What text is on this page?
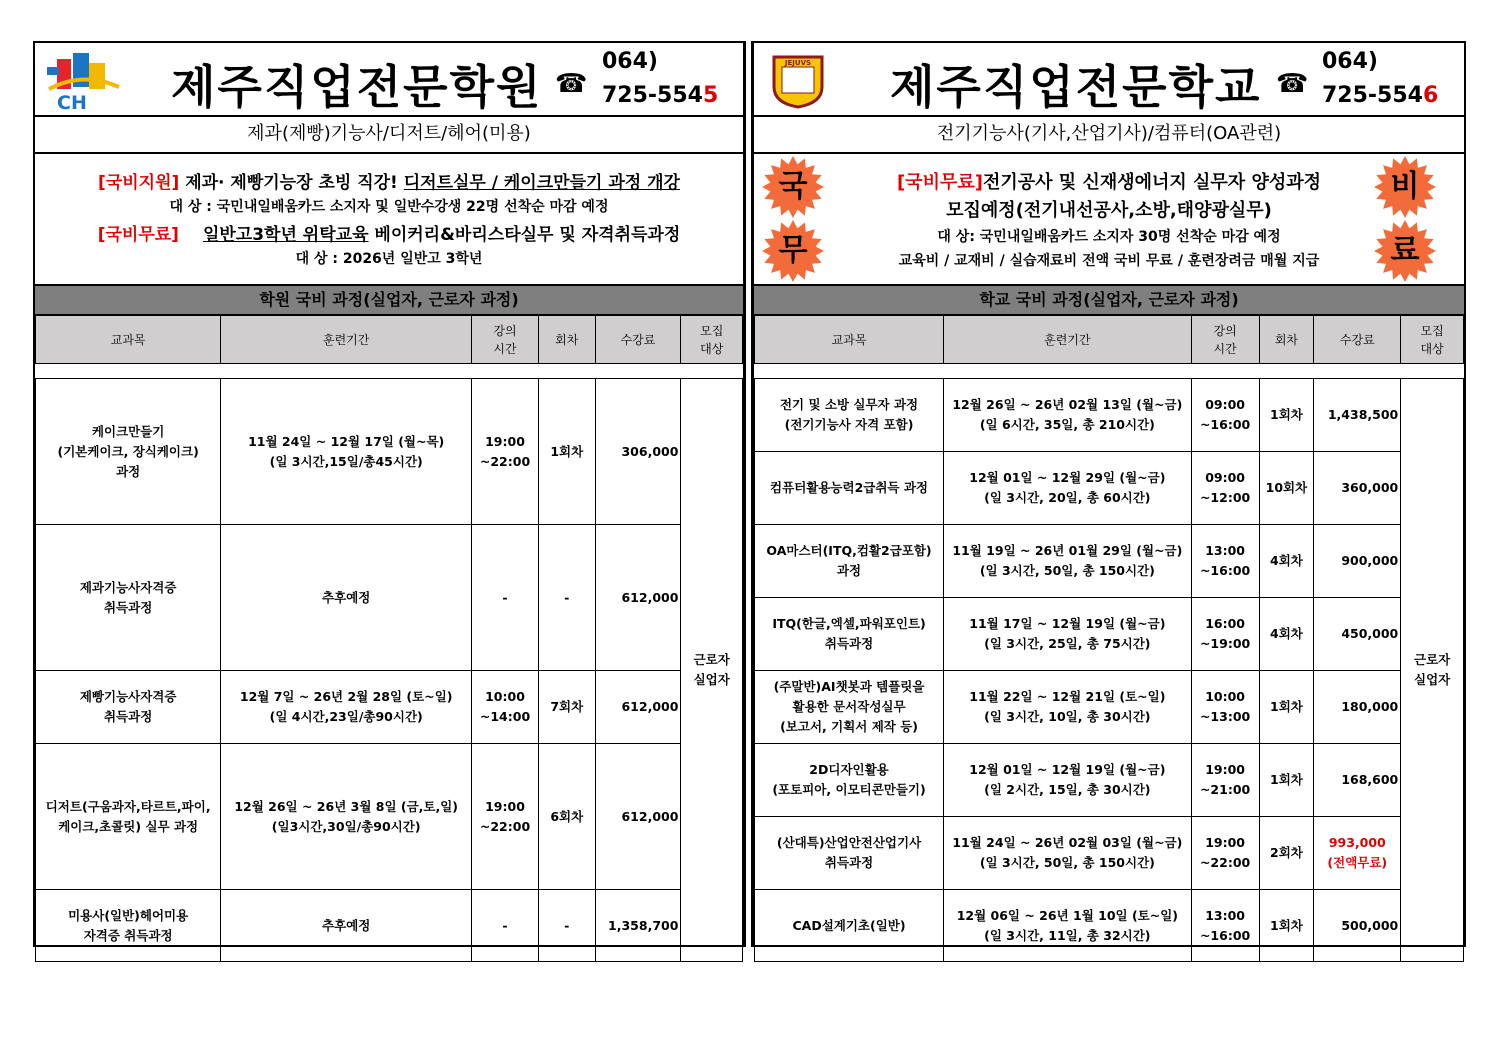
CH 제주직업전문학원 ☎
064)
725-5545
제과(제빵)기능사/디저트/헤어(미용)
[국비지원] 제과· 제빵기능장 초빙 직강! 디저트실무 / 케이크만들기 과정 개강
대 상 : 국민내일배움카드 소지자 및 일반수강생 22명 선착순 마감 예정
[국비무료] 일반고3학년 위탁교육 베이커리&바리스타실무 및 자격취득과정
대 상 : 2026년 일반고 3학년
학원 국비 과정(실업자, 근로자 과정)
교과목	훈련기간	강의
시간	회차	수강료	모집
대상

케이크만들기
(기본케이크, 장식케이크)
과정	11월 24일 ~ 12월 17일 (월~목)
(일 3시간,15일/총45시간)	19:00
~22:00	1회차	306,000	근로자
실업자
제과기능사자격증
취득과정	추후예정	-	-	612,000	
제빵기능사자격증
취득과정	12월 7일 ~ 26년 2월 28일 (토~일)
(일 4시간,23일/총90시간)	10:00
~14:00	7회차	612,000	
디저트(구움과자,타르트,파이,
케이크,초콜릿) 실무 과정	12월 26일 ~ 26년 3월 8일 (금,토,일)
(일3시간,30일/총90시간)	19:00
~22:00	6회차	612,000	
미용사(일반)헤어미용
자격증 취득과정	추후예정	-	-	1,358,700	
JEJUVS 제주직업전문학교 ☎
064)
725-5546
전기기능사(기사,산업기사)/컴퓨터(OA관련)
국
무
비
료
[국비무료]전기공사 및 신재생에너지 실무자 양성과정
모집예정(전기내선공사,소방,태양광실무)
대 상: 국민내일배움카드 소지자 30명 선착순 마감 예정
교육비 / 교재비 / 실습재료비 전액 국비 무료 / 훈련장려금 매월 지급
학교 국비 과정(실업자, 근로자 과정)
교과목	훈련기간	강의
시간	회차	수강료	모집
대상

전기 및 소방 실무자 과정
(전기기능사 자격 포함)	12월 26일 ~ 26년 02월 13일 (월~금)
(일 6시간, 35일, 총 210시간)	09:00
~16:00	1회차	1,438,500	근로자
실업자
컴퓨터활용능력2급취득 과정	12월 01일 ~ 12월 29일 (월~금)
(일 3시간, 20일, 총 60시간)	09:00
~12:00	10회차	360,000	
OA마스터(ITQ,컴활2급포함)
과정	11월 19일 ~ 26년 01월 29일 (월~금)
(일 3시간, 50일, 총 150시간)	13:00
~16:00	4회차	900,000	
ITQ(한글,엑셀,파워포인트)
취득과정	11월 17일 ~ 12월 19일 (월~금)
(일 3시간, 25일, 총 75시간)	16:00
~19:00	4회차	450,000	
(주말반)AI챗봇과 템플릿을
활용한 문서작성실무
(보고서, 기획서 제작 등)	11월 22일 ~ 12월 21일 (토~일)
(일 3시간, 10일, 총 30시간)	10:00
~13:00	1회차	180,000	
2D디자인활용
(포토피아, 이모티콘만들기)	12월 01일 ~ 12월 19일 (월~금)
(일 2시간, 15일, 총 30시간)	19:00
~21:00	1회차	168,600	
(산대특)산업안전산업기사
취득과정	11월 24일 ~ 26년 02월 03일 (월~금)
(일 3시간, 50일, 총 150시간)	19:00
~22:00	2회차	993,000
(전액무료)	
CAD설계기초(일반)	12월 06일 ~ 26년 1월 10일 (토~일)
(일 3시간, 11일, 총 32시간)	13:00
~16:00	1회차	500,000	
